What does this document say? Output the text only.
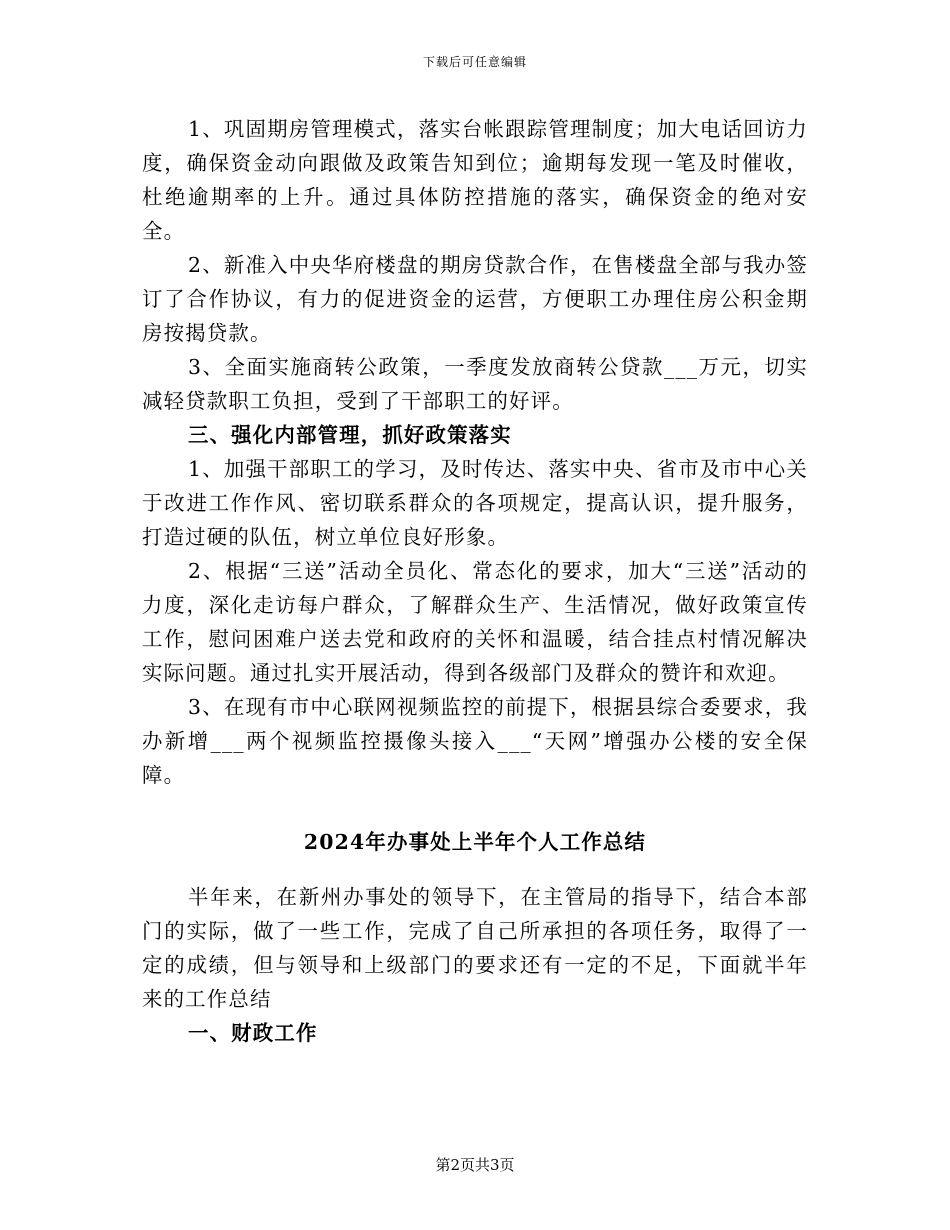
下载后可任意编辑

1、巩固期房管理模式，落实台帐跟踪管理制度；加大电话回访力度，确保资金动向跟做及政策告知到位；逾期每发现一笔及时催收，杜绝逾期率的上升。通过具体防控措施的落实，确保资金的绝对安全。

2、新准入中央华府楼盘的期房贷款合作，在售楼盘全部与我办签订了合作协议，有力的促进资金的运营，方便职工办理住房公积金期房按揭贷款。

3、全面实施商转公政策，一季度发放商转公贷款___万元，切实减轻贷款职工负担，受到了干部职工的好评。

三、强化内部管理，抓好政策落实

1、加强干部职工的学习，及时传达、落实中央、省市及市中心关于改进工作作风、密切联系群众的各项规定，提高认识，提升服务，打造过硬的队伍，树立单位良好形象。

2、根据“三送”活动全员化、常态化的要求，加大“三送”活动的力度，深化走访每户群众，了解群众生产、生活情况，做好政策宣传工作，慰问困难户送去党和政府的关怀和温暖，结合挂点村情况解决实际问题。通过扎实开展活动，得到各级部门及群众的赞许和欢迎。

3、在现有市中心联网视频监控的前提下，根据县综合委要求，我办新增___两个视频监控摄像头接入___“天网”增强办公楼的安全保障。

2024年办事处上半年个人工作总结

半年来，在新州办事处的领导下，在主管局的指导下，结合本部门的实际，做了一些工作，完成了自己所承担的各项任务，取得了一定的成绩，但与领导和上级部门的要求还有一定的不足，下面就半年来的工作总结

一、财政工作

第2页共3页
